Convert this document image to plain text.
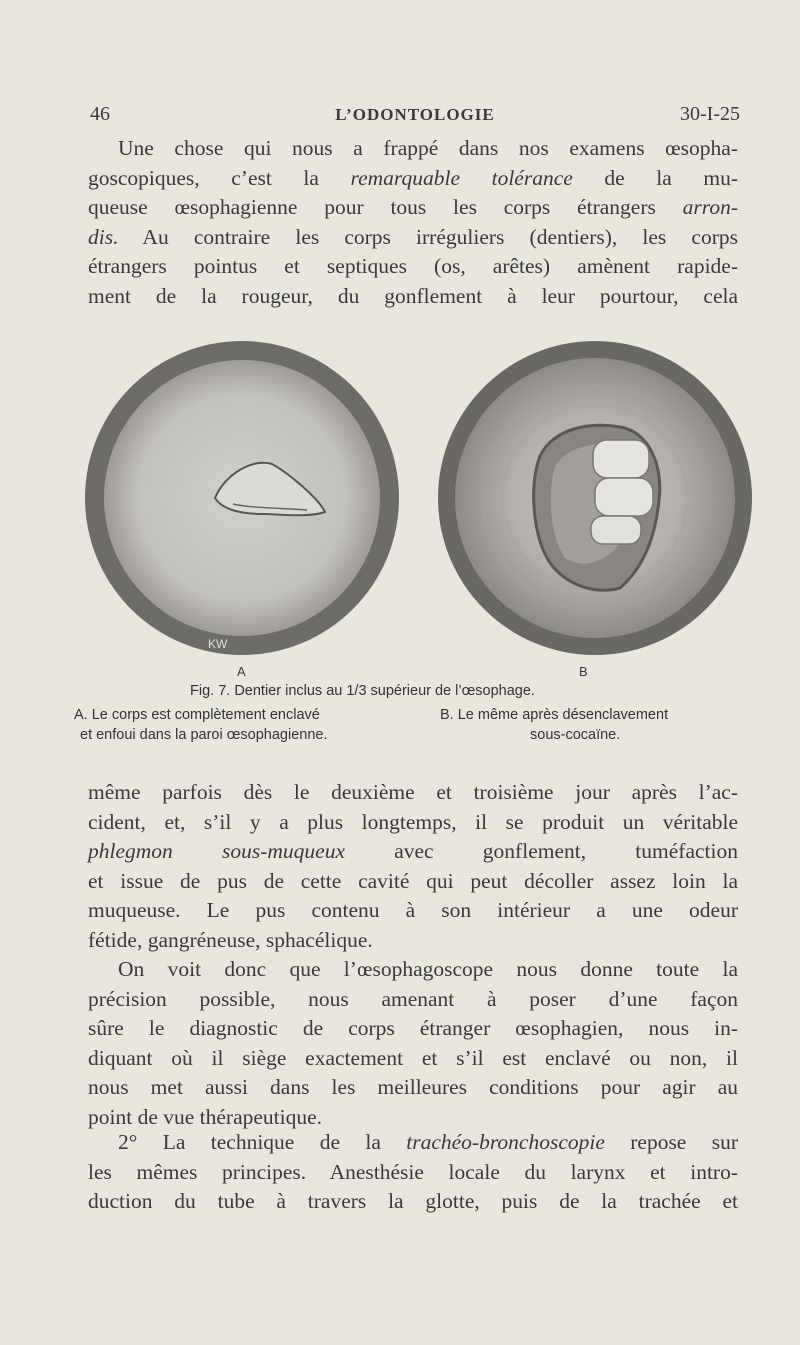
46	L’ODONTOLOGIE	30-I-25
Une chose qui nous a frappé dans nos examens œsopha-
goscopiques, c’est la remarquable tolérance de la mu-
queuse œsophagienne pour tous les corps étrangers arron-
dis. Au contraire les corps irréguliers (dentiers), les corps
étrangers pointus et septiques (os, arêtes) amènent rapide-
ment de la rougeur, du gonflement à leur pourtour, cela
KW
A	B
Fig. 7. Dentier inclus au 1/3 supérieur de l’œsophage.
A. Le corps est complètement enclavé
et enfoui dans la paroi œsophagienne.
B. Le même après désenclavement
sous-cocaïne.
même parfois dès le deuxième et troisième jour après l’ac-
cident, et, s’il y a plus longtemps, il se produit un véritable
phlegmon sous-muqueux avec gonflement, tuméfaction
et issue de pus de cette cavité qui peut décoller assez loin la
muqueuse. Le pus contenu à son intérieur a une odeur
fétide, gangréneuse, sphacélique.
On voit donc que l’œsophagoscope nous donne toute la
précision possible, nous amenant à poser d’une façon
sûre le diagnostic de corps étranger œsophagien, nous in-
diquant où il siège exactement et s’il est enclavé ou non, il
nous met aussi dans les meilleures conditions pour agir au
point de vue thérapeutique.
2° La technique de la trachéo-bronchoscopie repose sur
les mêmes principes. Anesthésie locale du larynx et intro-
duction du tube à travers la glotte, puis de la trachée et
